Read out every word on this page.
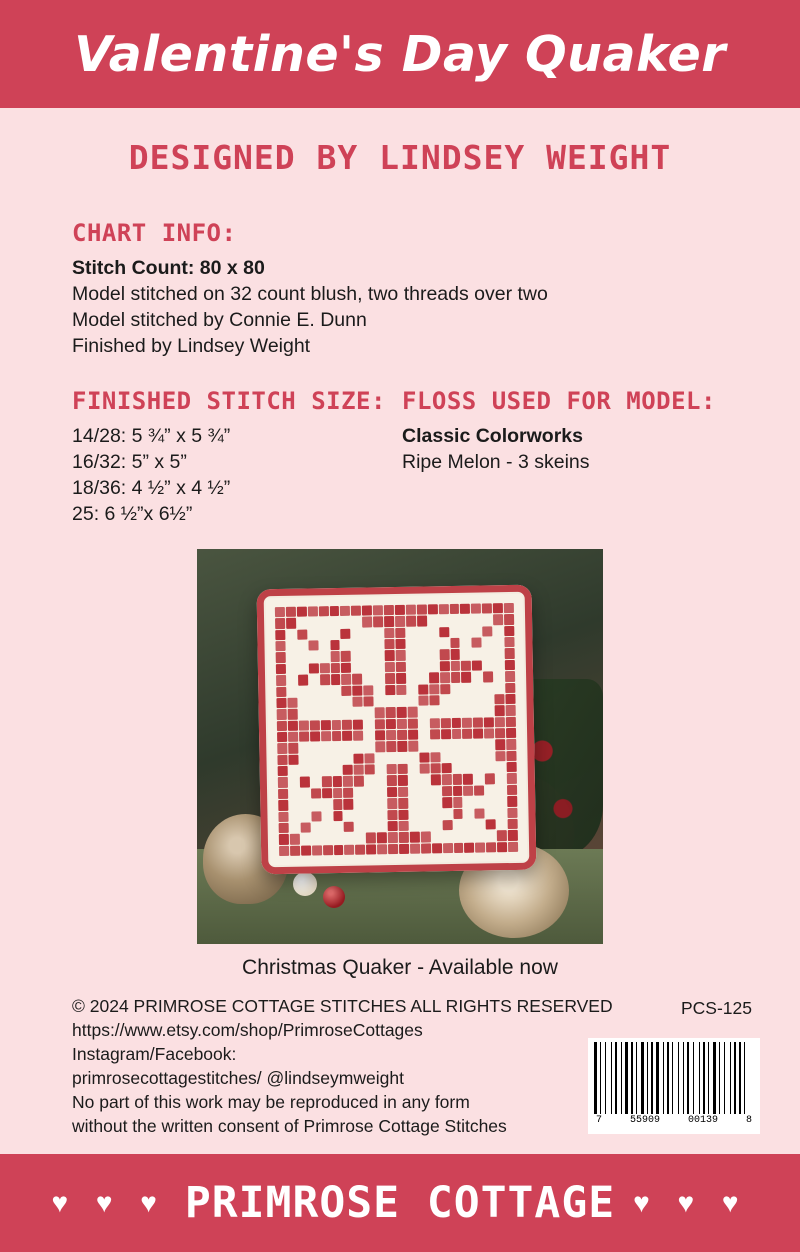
Valentine's Day Quaker
DESIGNED BY LINDSEY WEIGHT
CHART INFO:
Stitch Count: 80 x 80
Model stitched on 32 count blush, two threads over two
Model stitched by Connie E. Dunn
Finished by Lindsey Weight
FINISHED STITCH SIZE:
14/28: 5 ¾” x 5 ¾”
16/32: 5” x 5”
18/36: 4 ½” x 4 ½”
25: 6 ½”x 6½”
FLOSS USED FOR MODEL:
Classic Colorworks
Ripe Melon - 3 skeins
Christmas Quaker - Available now
© 2024 PRIMROSE COTTAGE STITCHES ALL RIGHTS RESERVED
https://www.etsy.com/shop/PrimroseCottages
Instagram/Facebook:
primrosecottagestitches/ @lindseymweight
No part of this work may be reproduced in any form
without the written consent of Primrose Cottage Stitches
PCS-125
7	55909	00139	8
♥ ♥ ♥ PRIMROSE COTTAGE ♥ ♥ ♥
